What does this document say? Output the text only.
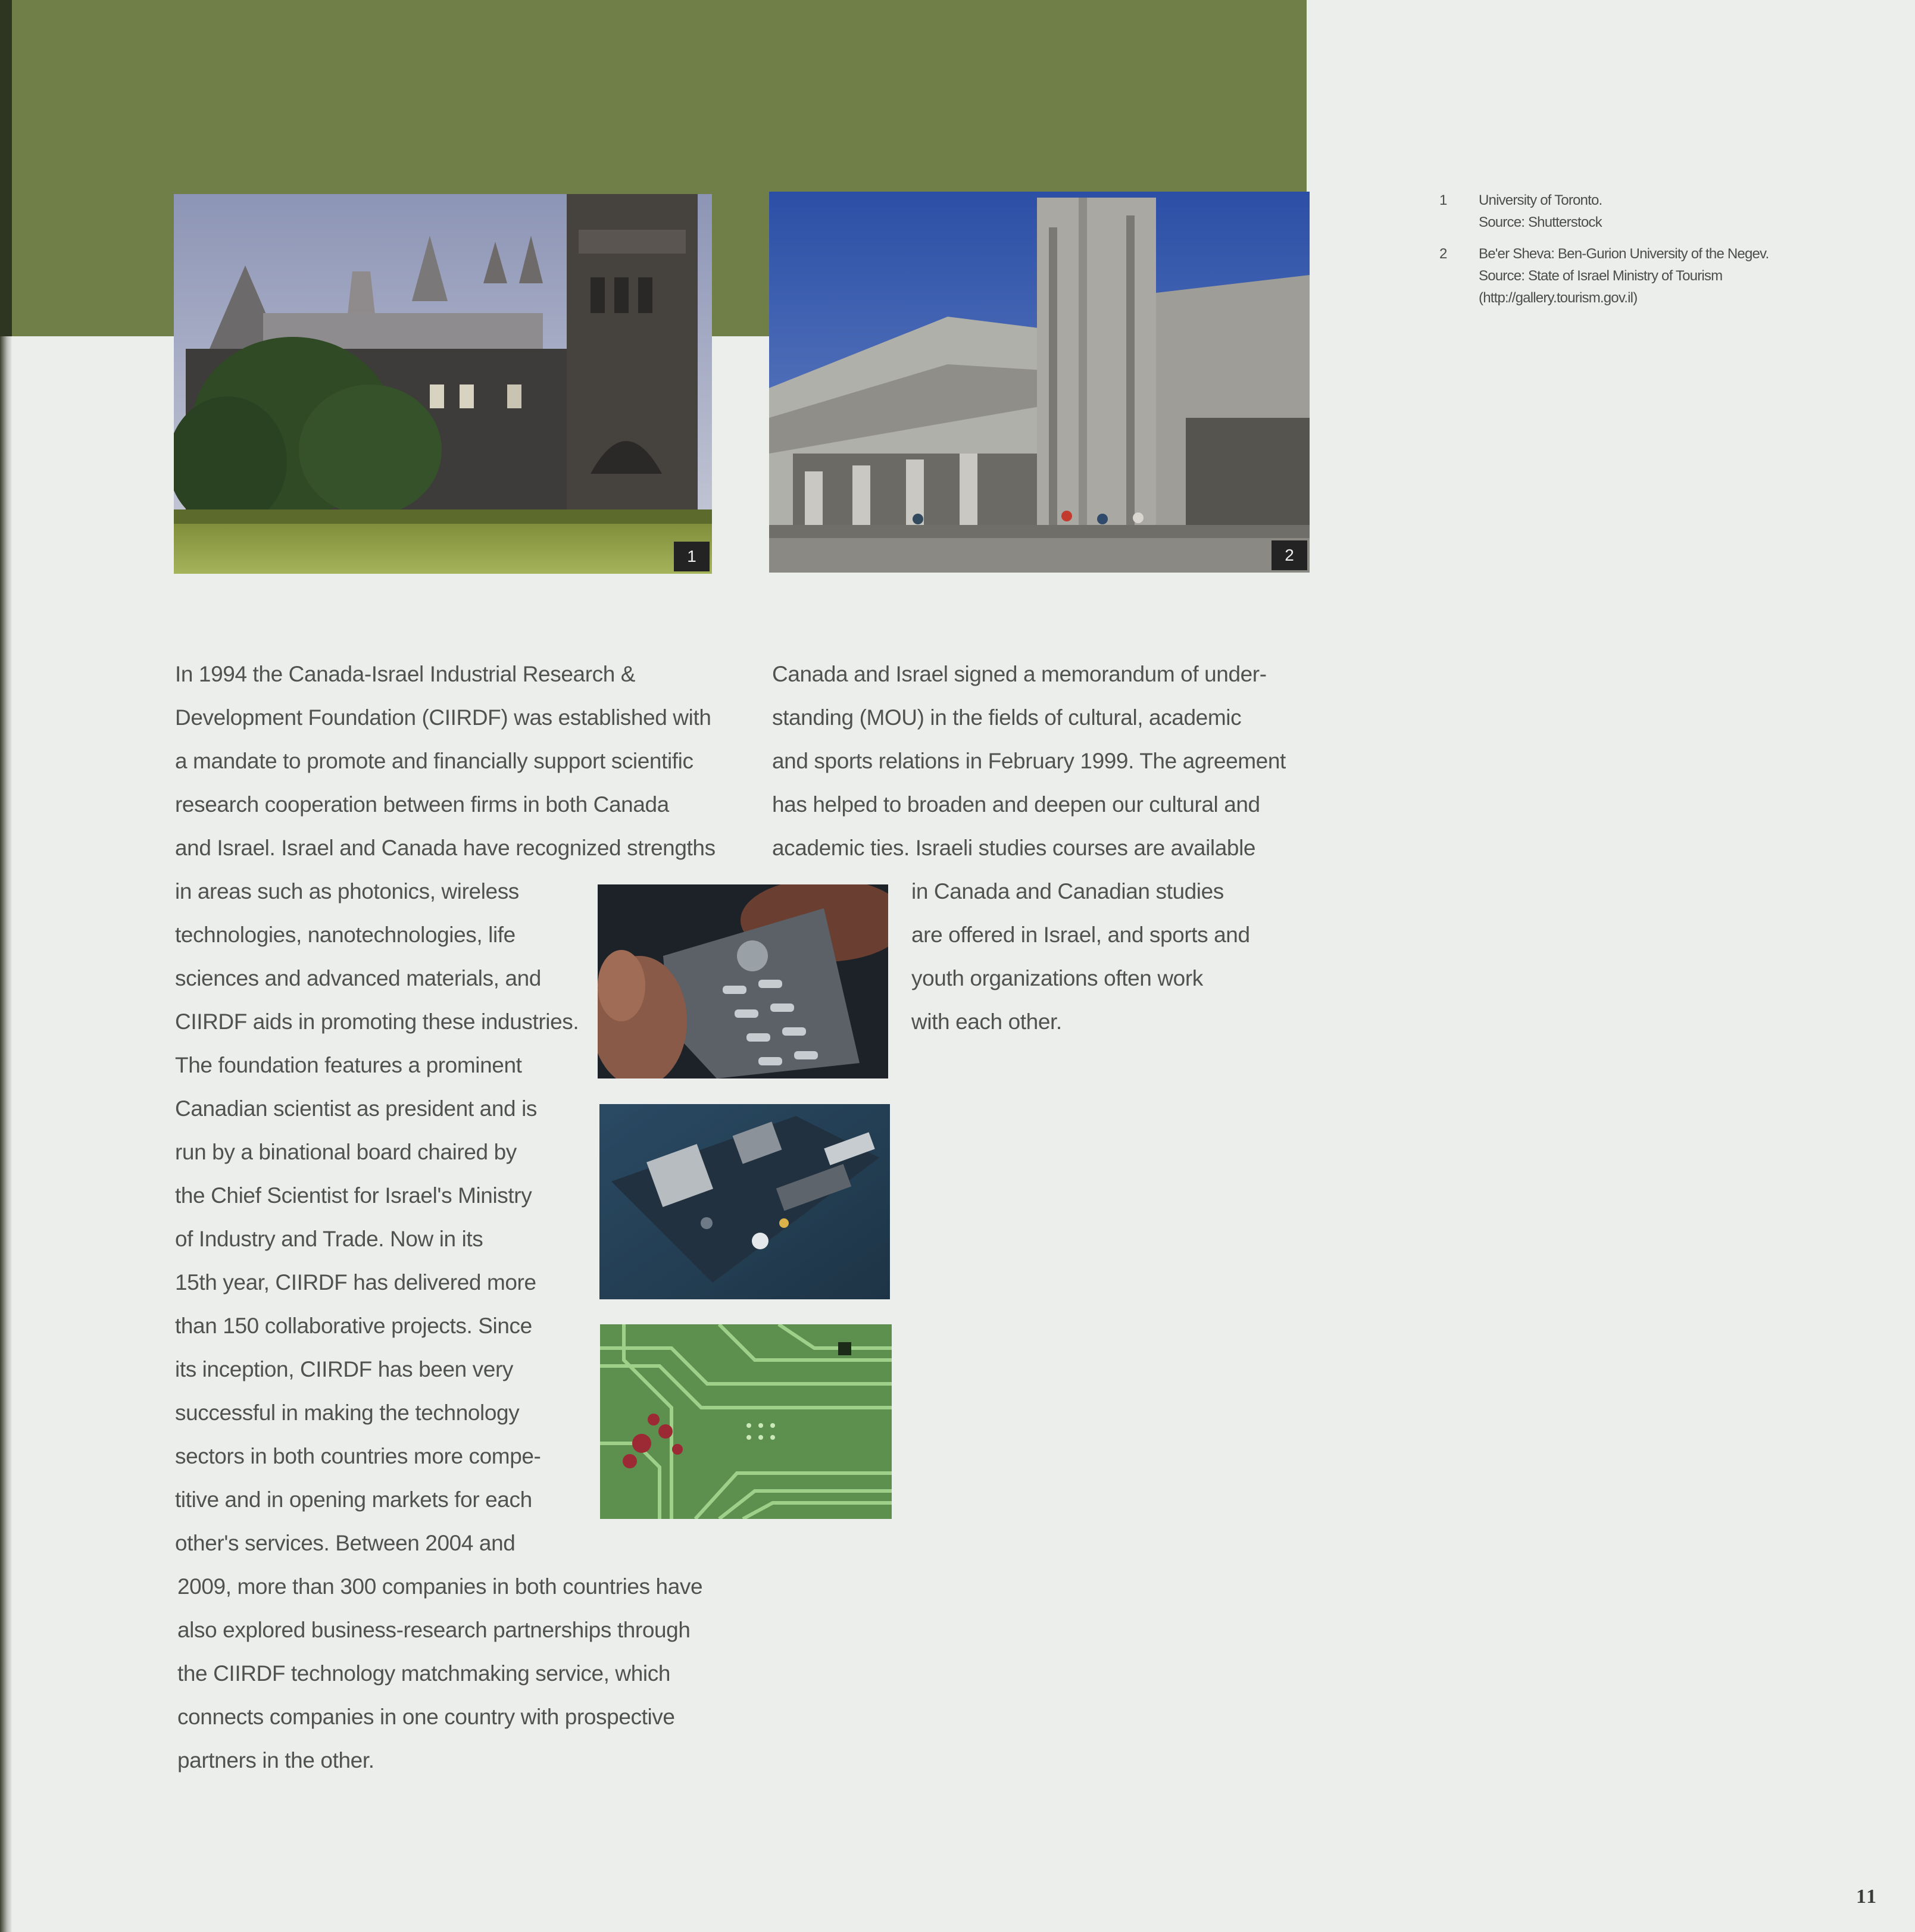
1	2
1 University of Toronto.
Source: Shutterstock
2 Be'er Sheva: Ben-Gurion University of the Negev.
Source: State of Israel Ministry of Tourism
(http://gallery.tourism.gov.il)
In 1994 the Canada-Israel Industrial Research &
Development Foundation (CIIRDF) was established with
a mandate to promote and financially support scientific
research cooperation between firms in both Canada
and Israel. Israel and Canada have recognized strengths
in areas such as photonics, wireless
technologies, nanotechnologies, life
sciences and advanced materials, and
CIIRDF aids in promoting these industries.
The foundation features a prominent
Canadian scientist as president and is
run by a binational board chaired by
the Chief Scientist for Israel's Ministry
of Industry and Trade. Now in its
15th year, CIIRDF has delivered more
than 150 collaborative projects. Since
its inception, CIIRDF has been very
successful in making the technology
sectors in both countries more compe-
titive and in opening markets for each
other's services. Between 2004 and
2009, more than 300 companies in both countries have
also explored business-research partnerships through
the CIIRDF technology matchmaking service, which
connects companies in one country with prospective
partners in the other.
Canada and Israel signed a memorandum of under-
standing (MOU) in the fields of cultural, academic
and sports relations in February 1999. The agreement
has helped to broaden and deepen our cultural and
academic ties. Israeli studies courses are available
in Canada and Canadian studies
are offered in Israel, and sports and
youth organizations often work
with each other.
11
